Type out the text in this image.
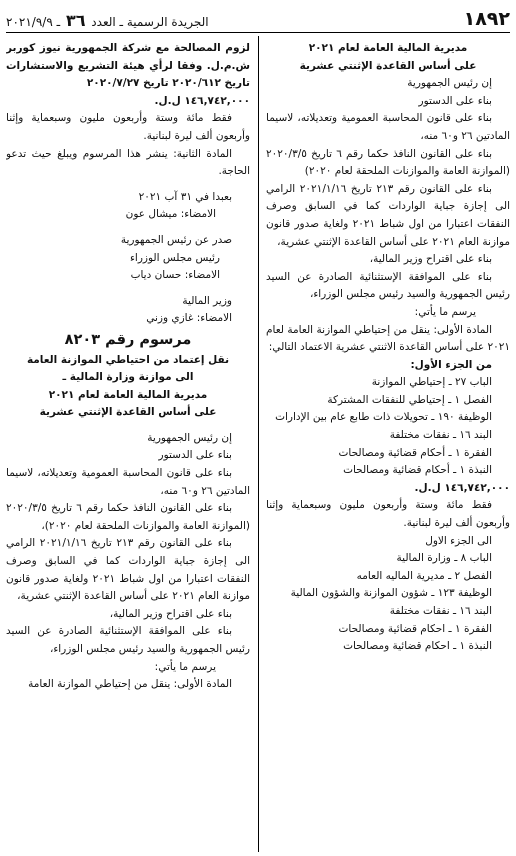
١٨٩٢
الجريدة الرسمية ـ العدد ٣٦ ـ ٢٠٢١/٩/٩

مديرية المالية العامة لعام ٢٠٢١

على أساس القاعدة الإثنتي عشرية

إن رئيس الجمهورية

بناء على الدستور

بناء على قانون المحاسبة العمومية وتعديلاته، لاسيما المادتين ٢٦ و٦٠ منه،

بناء على القانون النافذ حكما رقم ٦ تاريخ ٢٠٢٠/٣/٥ (الموازنة العامة والموازنات الملحقة لعام ٢٠٢٠)

بناء على القانون رقم ٢١٣ تاريخ ٢٠٢١/١/١٦ الرامي الى إجازة جباية الواردات كما في السابق وصرف النفقات اعتبارا من اول شباط ٢٠٢١ ولغاية صدور قانون موازنة العام ٢٠٢١ على أساس القاعدة الإثنتي عشرية،

بناء على اقتراح وزير المالية،

بناء على الموافقة الإستثنائية الصادرة عن السيد رئيس الجمهورية والسيد رئيس مجلس الوزراء،

يرسم ما يأتي:

المادة الأولى: ينقل من إحتياطي الموازنة العامة لعام ٢٠٢١ على أساس القاعدة الاثنتي عشرية الاعتماد التالي:

من الجزء الأول:

الباب ٢٧ ـ إحتياطي الموازنة

الفصل ١ ـ إحتياطي للنفقات المشتركة

الوظيفة ١٩٠ ـ تحويلات ذات طابع عام بين الإدارات

البند ١٦ ـ نفقات مختلفة

الفقرة ١ ـ أحكام قضائية ومصالحات

النبذة ١ ـ أحكام قضائية ومصالحات

١٤٦,٧٤٢,٠٠٠ ل.ل.

فقط مائة وستة وأربعون مليون وسبعماية وإثنا وأربعون ألف ليرة لبنانية.

الى الجزء الاول

الباب ٨ ـ وزارة المالية

الفصل ٢ ـ مديرية الماليه العامه

الوظيفة ١٢٣ ـ شؤون الموازنة والشؤون المالية

البند ١٦ ـ نفقات مختلفة

الفقرة ١ ـ احكام قضائية ومصالحات

النبذة ١ ـ احكام قضائية ومصالحات

لزوم المصالحة مع شركة الجمهورية نيوز كوربر ش.م.ل. وفقا لرأي هيئة التشريع والاستشارات تاريخ ٢٠٢٠/٦١٢ تاريخ ٢٠٢٠/٧/٢٧

١٤٦,٧٤٢,٠٠٠ ل.ل.

فقط مائة وستة وأربعون مليون وسبعماية وإثنا وأربعون ألف ليرة لبنانية.

المادة الثانية: ينشر هذا المرسوم ويبلغ حيث تدعو الحاجة.

بعبدا في ٣١ آب ٢٠٢١

الامضاء: ميشال عون

صدر عن رئيس الجمهورية

رئيس مجلس الوزراء

الامضاء: حسان دياب

وزير المالية

الامضاء: غازي وزني

مرسوم رقم ٨٢٠٣

نقل إعتماد من احتياطي الموازنة العامة

الى موازنة وزارة المالية ـ

مديرية المالية العامة لعام ٢٠٢١

على أساس القاعدة الإثنتي عشرية

إن رئيس الجمهورية

بناء على الدستور

بناء على قانون المحاسبة العمومية وتعديلاته، لاسيما المادتين ٢٦ و٦٠ منه،

بناء على القانون النافذ حكما رقم ٦ تاريخ ٢٠٢٠/٣/٥ (الموازنة العامة والموازنات الملحقة لعام ٢٠٢٠)،

بناء على القانون رقم ٢١٣ تاريخ ٢٠٢١/١/١٦ الرامي الى إجازة جباية الواردات كما في السابق وصرف النفقات اعتبارا من اول شباط ٢٠٢١ ولغاية صدور قانون موازنة العام ٢٠٢١ على أساس القاعدة الإثنتي عشرية،

بناء على اقتراح وزير المالية،

بناء على الموافقة الإستثنائية الصادرة عن السيد رئيس الجمهورية والسيد رئيس مجلس الوزراء،

يرسم ما يأتي:

المادة الأولى: ينقل من إحتياطي الموازنة العامة
